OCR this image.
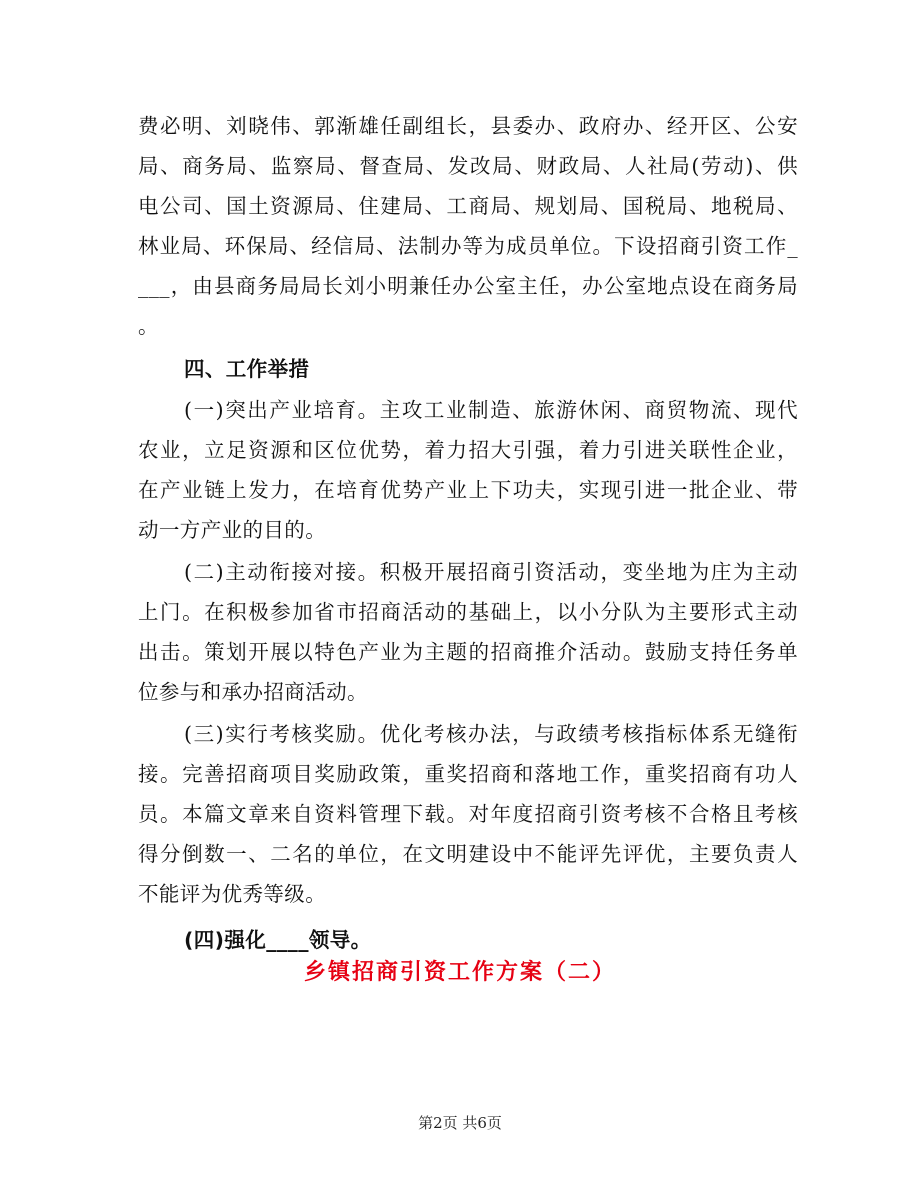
费必明、刘晓伟、郭渐雄任副组长，县委办、政府办、经开区、公安
局、商务局、监察局、督查局、发改局、财政局、人社局(劳动)、供
电公司、国土资源局、住建局、工商局、规划局、国税局、地税局、
林业局、环保局、经信局、法制办等为成员单位。下设招商引资工作_
___，由县商务局局长刘小明兼任办公室主任，办公室地点设在商务局
。
四、工作举措
(一)突出产业培育。主攻工业制造、旅游休闲、商贸物流、现代
农业，立足资源和区位优势，着力招大引强，着力引进关联性企业，
在产业链上发力，在培育优势产业上下功夫，实现引进一批企业、带
动一方产业的目的。
(二)主动衔接对接。积极开展招商引资活动，变坐地为庄为主动
上门。在积极参加省市招商活动的基础上，以小分队为主要形式主动
出击。策划开展以特色产业为主题的招商推介活动。鼓励支持任务单
位参与和承办招商活动。
(三)实行考核奖励。优化考核办法，与政绩考核指标体系无缝衔
接。完善招商项目奖励政策，重奖招商和落地工作，重奖招商有功人
员。本篇文章来自资料管理下载。对年度招商引资考核不合格且考核
得分倒数一、二名的单位，在文明建设中不能评先评优，主要负责人
不能评为优秀等级。
(四)强化____领导。
乡镇招商引资工作方案（二）
第2页 共6页
